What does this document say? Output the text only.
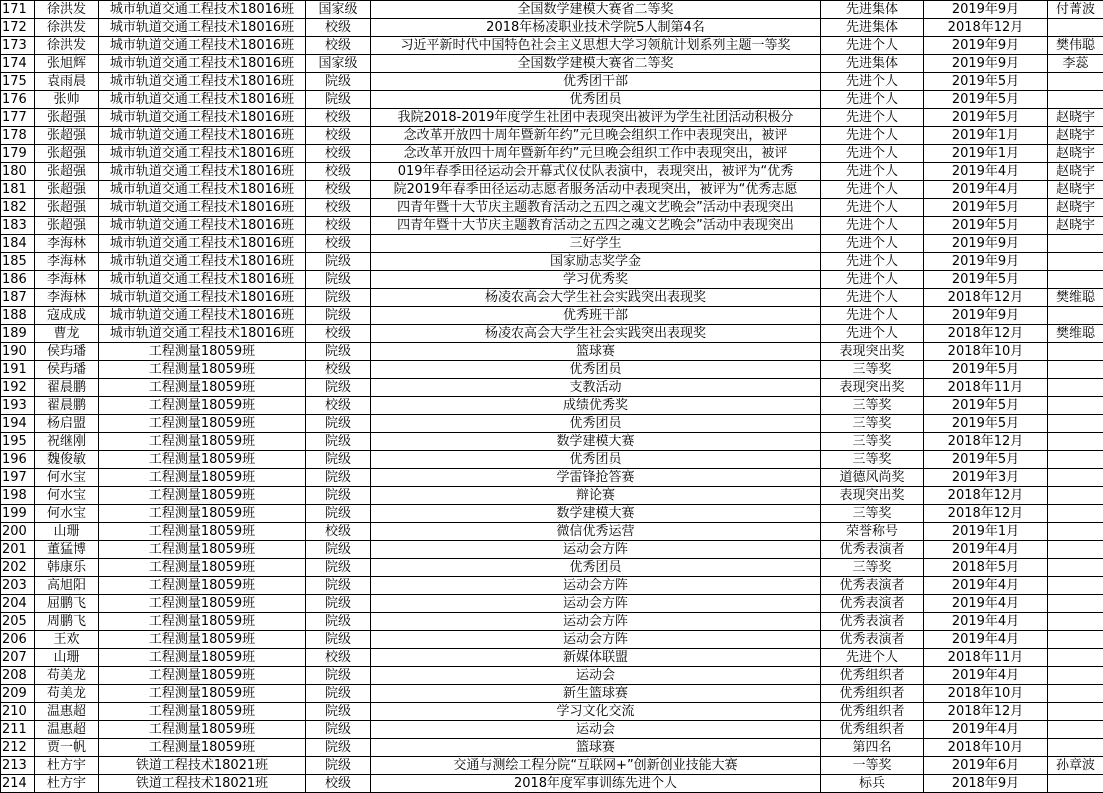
171	徐洪发	城市轨道交通工程技术18016班	国家级	全国数学建模大赛省二等奖	先进集体	2019年9月	付菁波
172	徐洪发	城市轨道交通工程技术18016班	校级	2018年杨凌职业技术学院5人制第4名	先进集体	2018年12月	
173	徐洪发	城市轨道交通工程技术18016班	校级	习近平新时代中国特色社会主义思想大学习领航计划系列主题一等奖	先进个人	2019年9月	樊伟聪
174	张旭辉	城市轨道交通工程技术18016班	国家级	全国数学建模大赛省二等奖	先进集体	2019年9月	李蕊
175	袁雨晨	城市轨道交通工程技术18016班	院级	优秀团干部	先进个人	2019年5月	
176	张帅	城市轨道交通工程技术18016班	院级	优秀团员	先进个人	2019年5月	
177	张超强	城市轨道交通工程技术18016班	校级	我院2018-2019年度学生社团中表现突出被评为学生社团活动积极分	先进个人	2019年5月	赵晓宇
178	张超强	城市轨道交通工程技术18016班	校级	念改革开放四十周年暨新年约”元旦晚会组织工作中表现突出，被评	先进个人	2019年1月	赵晓宇
179	张超强	城市轨道交通工程技术18016班	校级	念改革开放四十周年暨新年约”元旦晚会组织工作中表现突出，被评	先进个人	2019年1月	赵晓宇
180	张超强	城市轨道交通工程技术18016班	校级	019年春季田径运动会开幕式仪仗队表演中，表现突出，被评为“优秀	先进个人	2019年4月	赵晓宇
181	张超强	城市轨道交通工程技术18016班	校级	院2019年春季田径运动志愿者服务活动中表现突出，被评为“优秀志愿	先进个人	2019年4月	赵晓宇
182	张超强	城市轨道交通工程技术18016班	校级	四青年暨十大节庆主题教育活动之五四之魂文艺晚会”活动中表现突出	先进个人	2019年5月	赵晓宇
183	张超强	城市轨道交通工程技术18016班	校级	四青年暨十大节庆主题教育活动之五四之魂文艺晚会”活动中表现突出	先进个人	2019年5月	赵晓宇
184	李海林	城市轨道交通工程技术18016班	校级	三好学生	先进个人	2019年9月	
185	李海林	城市轨道交通工程技术18016班	院级	国家励志奖学金	先进个人	2019年9月	
186	李海林	城市轨道交通工程技术18016班	院级	学习优秀奖	先进个人	2019年5月	
187	李海林	城市轨道交通工程技术18016班	院级	杨凌农高会大学生社会实践突出表现奖	先进个人	2018年12月	樊维聪
188	寇成成	城市轨道交通工程技术18016班	院级	优秀班干部	先进个人	2019年9月	
189	曹龙	城市轨道交通工程技术18016班	校级	杨凌农高会大学生社会实践突出表现奖	先进个人	2018年12月	樊维聪
190	侯玙璠	工程测量18059班	院级	篮球赛	表现突出奖	2018年10月	
191	侯玙璠	工程测量18059班	校级	优秀团员	三等奖	2019年5月	
192	翟晨鹏	工程测量18059班	院级	支教活动	表现突出奖	2018年11月	
193	翟晨鹏	工程测量18059班	校级	成绩优秀奖	三等奖	2019年5月	
194	杨启盟	工程测量18059班	院级	优秀团员	三等奖	2019年5月	
195	祝继刚	工程测量18059班	院级	数学建模大赛	三等奖	2018年12月	
196	魏俊敏	工程测量18059班	院级	优秀团员	三等奖	2019年5月	
197	何水宝	工程测量18059班	院级	学雷锋抢答赛	道德风尚奖	2019年3月	
198	何水宝	工程测量18059班	院级	辩论赛	表现突出奖	2018年12月	
199	何水宝	工程测量18059班	院级	数学建模大赛	三等奖	2018年12月	
200	山珊	工程测量18059班	校级	微信优秀运营	荣誉称号	2019年1月	
201	董猛博	工程测量18059班	院级	运动会方阵	优秀表演者	2019年4月	
202	韩康乐	工程测量18059班	院级	优秀团员	三等奖	2018年5月	
203	高旭阳	工程测量18059班	院级	运动会方阵	优秀表演者	2019年4月	
204	屈鹏飞	工程测量18059班	院级	运动会方阵	优秀表演者	2019年4月	
205	周鹏飞	工程测量18059班	院级	运动会方阵	优秀表演者	2019年4月	
206	王欢	工程测量18059班	院级	运动会方阵	优秀表演者	2019年4月	
207	山珊	工程测量18059班	校级	新媒体联盟	先进个人	2018年11月	
208	苟美龙	工程测量18059班	院级	运动会	优秀组织者	2019年4月	
209	苟美龙	工程测量18059班	院级	新生篮球赛	优秀组织者	2018年10月	
210	温惠超	工程测量18059班	院级	学习文化交流	优秀组织者	2018年12月	
211	温惠超	工程测量18059班	院级	运动会	优秀组织者	2019年4月	
212	贾一帆	工程测量18059班	院级	篮球赛	第四名	2018年10月	
213	杜方宇	铁道工程技术18021班	院级	交通与测绘工程分院“互联网+”创新创业技能大赛	一等奖	2019年6月	孙章波
214	杜方宇	铁道工程技术18021班	校级	2018年度军事训练先进个人	标兵	2018年9月	
